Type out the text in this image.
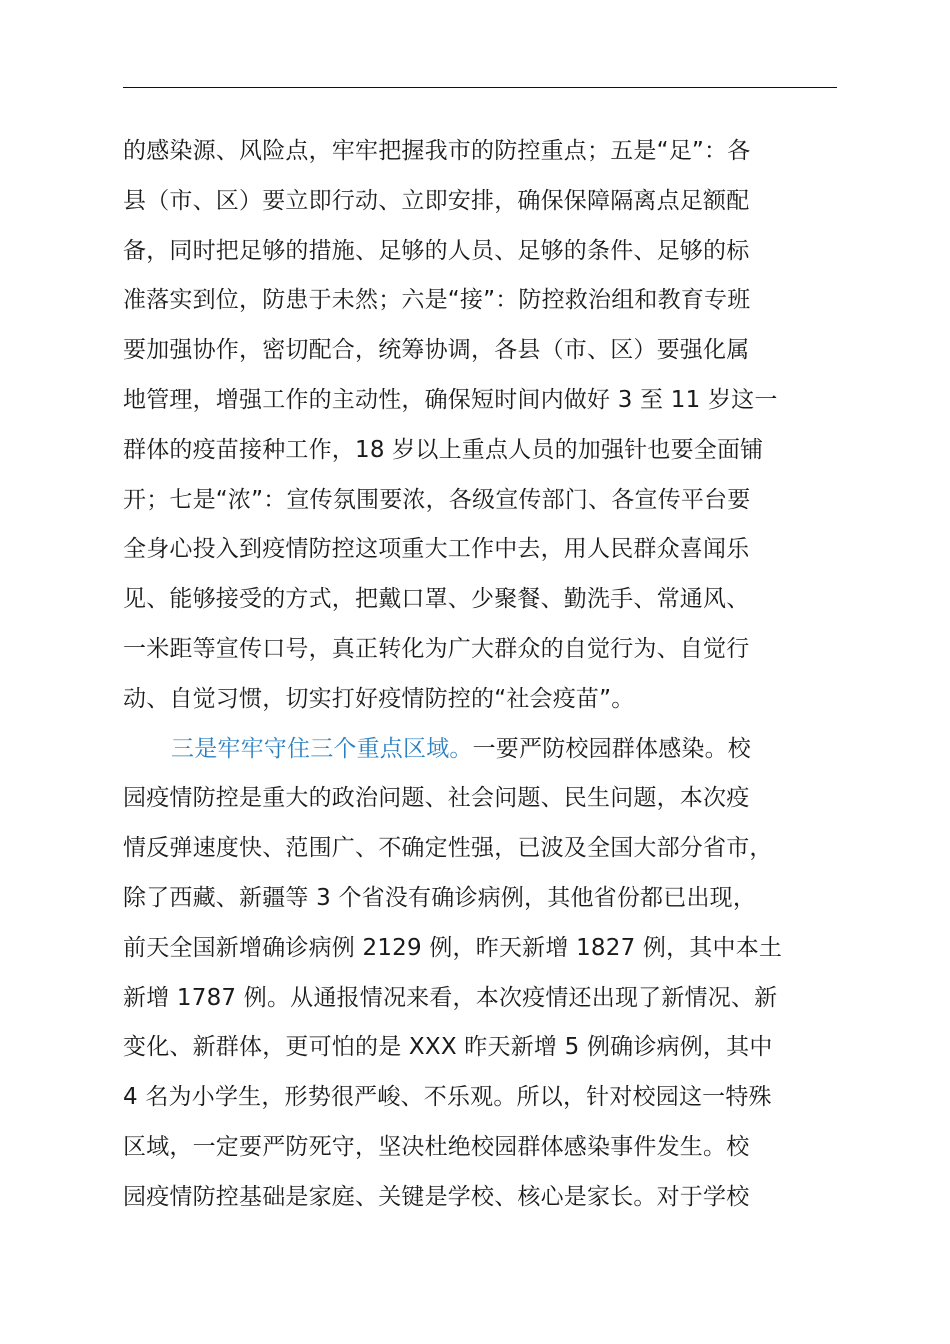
的感染源、风险点，牢牢把握我市的防控重点；五是“足”：各
县（市、区）要立即行动、立即安排，确保保障隔离点足额配
备，同时把足够的措施、足够的人员、足够的条件、足够的标
准落实到位，防患于未然；六是“接”：防控救治组和教育专班
要加强协作，密切配合，统筹协调，各县（市、区）要强化属
地管理，增强工作的主动性，确保短时间内做好 3 至 11 岁这一
群体的疫苗接种工作，18 岁以上重点人员的加强针也要全面铺
开；七是“浓”：宣传氛围要浓，各级宣传部门、各宣传平台要
全身心投入到疫情防控这项重大工作中去，用人民群众喜闻乐
见、能够接受的方式，把戴口罩、少聚餐、勤洗手、常通风、
一米距等宣传口号，真正转化为广大群众的自觉行为、自觉行
动、自觉习惯，切实打好疫情防控的“社会疫苗”。
三是牢牢守住三个重点区域。一要严防校园群体感染。校
园疫情防控是重大的政治问题、社会问题、民生问题，本次疫
情反弹速度快、范围广、不确定性强，已波及全国大部分省市，
除了西藏、新疆等 3 个省没有确诊病例，其他省份都已出现，
前天全国新增确诊病例 2129 例，昨天新增 1827 例，其中本土
新增 1787 例。从通报情况来看，本次疫情还出现了新情况、新
变化、新群体，更可怕的是 XXX 昨天新增 5 例确诊病例，其中
4 名为小学生，形势很严峻、不乐观。所以，针对校园这一特殊
区域，一定要严防死守，坚决杜绝校园群体感染事件发生。校
园疫情防控基础是家庭、关键是学校、核心是家长。对于学校
